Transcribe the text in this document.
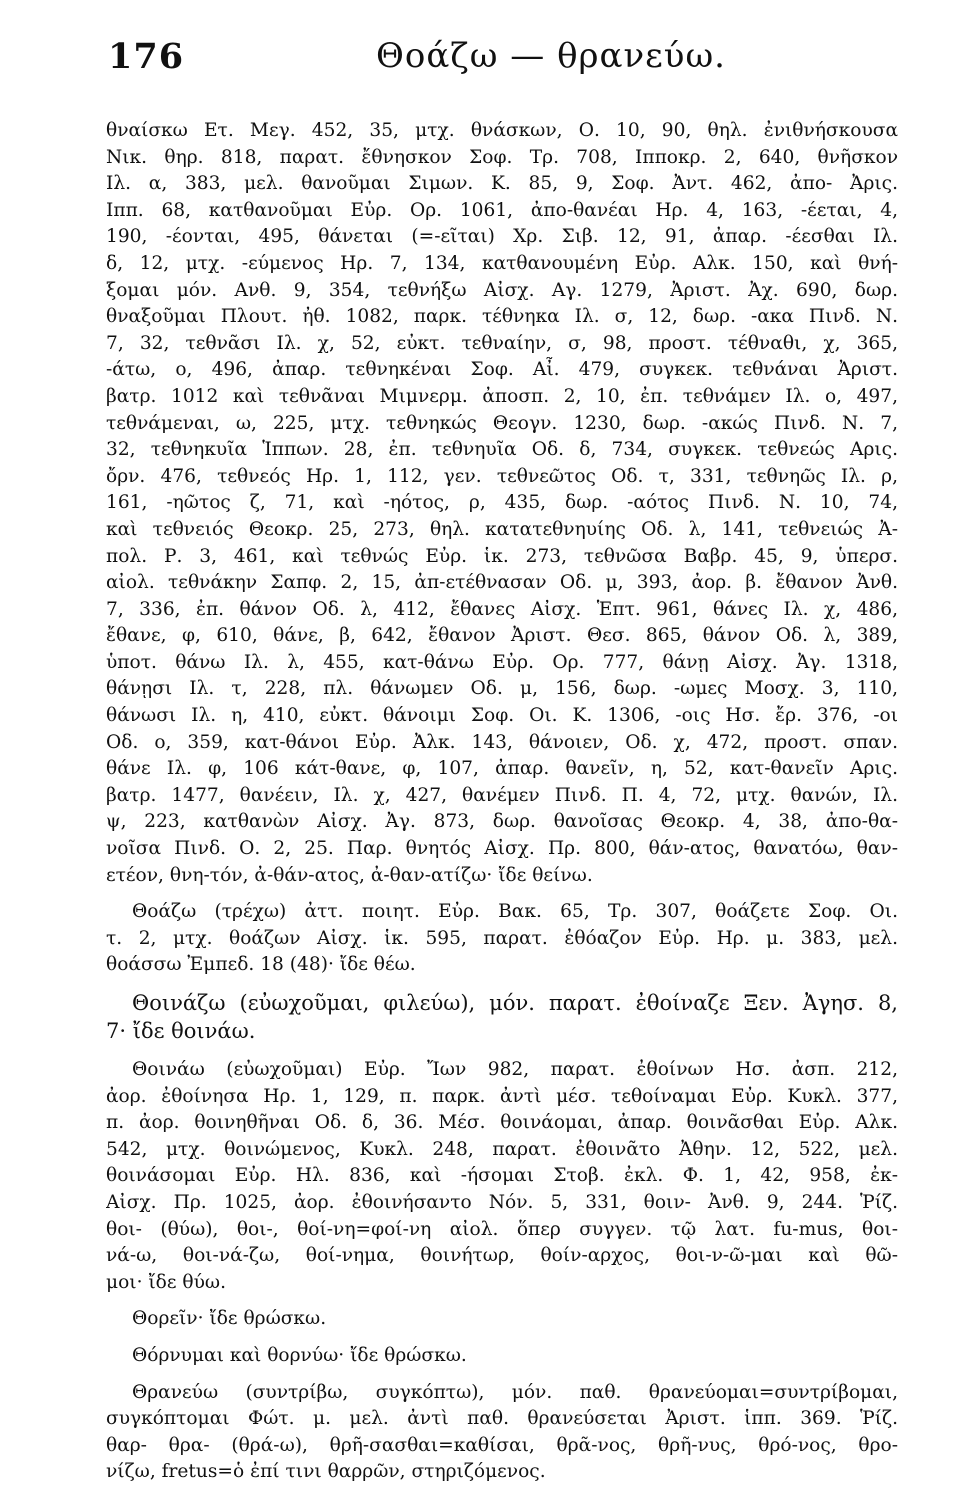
176	Θοάζω — θρανεύω.
θναίσκω Ετ. Μεγ. 452, 35, μτχ. θνάσκων, Ο. 10, 90, θηλ. ἐνιθνήσκουσα
Νικ. θηρ. 818, παρατ. ἔθνησκον Σοφ. Τρ. 708, Ιπποκρ. 2, 640, θνῆσκον
Ιλ. α, 383, μελ. θανοῦμαι Σιμων. Κ. 85, 9, Σοφ. Ἀντ. 462, ἀπο- Ἀρις.
Ιππ. 68, κατθανοῦμαι Εὐρ. Ορ. 1061, ἀπο-θανέαι Ηρ. 4, 163, -έεται, 4,
190, -έονται, 495, θάνεται (=-εῖται) Χρ. Σιβ. 12, 91, ἀπαρ. -έεσθαι Ιλ.
δ, 12, μτχ. -εύμενος Ηρ. 7, 134, κατθανουμένη Εὐρ. Αλκ. 150, καὶ θνή-
ξομαι μόν. Ανθ. 9, 354, τεθνήξω Αἰσχ. Αγ. 1279, Ἀριστ. Ἀχ. 690, δωρ.
θναξοῦμαι Πλουτ. ἠθ. 1082, παρκ. τέθνηκα Ιλ. σ, 12, δωρ. -ακα Πινδ. Ν.
7, 32, τεθνᾶσι Ιλ. χ, 52, εὐκτ. τεθναίην, σ, 98, προστ. τέθναθι, χ, 365,
-άτω, ο, 496, ἀπαρ. τεθνηκέναι Σοφ. Αἶ. 479, συγκεκ. τεθνάναι Ἀριστ.
βατρ. 1012 καὶ τεθνᾶναι Μιμνερμ. ἀποσπ. 2, 10, ἐπ. τεθνάμεν Ιλ. ο, 497,
τεθνάμεναι, ω, 225, μτχ. τεθνηκώς Θεογν. 1230, δωρ. -ακώς Πινδ. Ν. 7,
32, τεθνηκυῖα Ἱππων. 28, ἐπ. τεθνηυῖα Οδ. δ, 734, συγκεκ. τεθνεώς Αρις.
ὄρν. 476, τεθνεός Ηρ. 1, 112, γεν. τεθνεῶτος Οδ. τ, 331, τεθνηῶς Ιλ. ρ,
161, -ηῶτος ζ, 71, καὶ -ηότος, ρ, 435, δωρ. -αότος Πινδ. Ν. 10, 74,
καὶ τεθνειός Θεοκρ. 25, 273, θηλ. κατατεθνηυίης Οδ. λ, 141, τεθνειώς Ἀ-
πολ. Ρ. 3, 461, καὶ τεθνώς Εὐρ. ἱκ. 273, τεθνῶσα Βαβρ. 45, 9, ὑπερσ.
αἰολ. τεθνάκην Σαπφ. 2, 15, ἀπ-ετέθνασαν Οδ. μ, 393, ἀορ. β. ἔθανον Ἀνθ.
7, 336, ἐπ. θάνον Οδ. λ, 412, ἔθανες Αἰσχ. Ἑπτ. 961, θάνες Ιλ. χ, 486,
ἔθανε, φ, 610, θάνε, β, 642, ἔθανον Ἀριστ. Θεσ. 865, θάνον Οδ. λ, 389,
ὑποτ. θάνω Ιλ. λ, 455, κατ-θάνω Εὐρ. Ορ. 777, θάνῃ Αἰσχ. Ἀγ. 1318,
θάνῃσι Ιλ. τ, 228, πλ. θάνωμεν Οδ. μ, 156, δωρ. -ωμες Μοσχ. 3, 110,
θάνωσι Ιλ. η, 410, εὐκτ. θάνοιμι Σοφ. Οι. Κ. 1306, -οις Ησ. ἔρ. 376, -οι
Οδ. ο, 359, κατ-θάνοι Εὐρ. Ἀλκ. 143, θάνοιεν, Οδ. χ, 472, προστ. σπαν.
θάνε Ιλ. φ, 106 κάτ-θανε, φ, 107, ἀπαρ. θανεῖν, η, 52, κατ-θανεῖν Αρις.
βατρ. 1477, θανέειν, Ιλ. χ, 427, θανέμεν Πινδ. Π. 4, 72, μτχ. θανών, Ιλ.
ψ, 223, κατθανὼν Αἰσχ. Ἀγ. 873, δωρ. θανοῖσας Θεοκρ. 4, 38, ἀπο-θα-
νοῖσα Πινδ. Ο. 2, 25. Παρ. θνητός Αἰσχ. Πρ. 800, θάν-ατος, θανατόω, θαν-
ετέον, θνη-τόν, ἀ-θάν-ατος, ἀ-θαν-ατίζω· ἴδε θείνω.
Θοάζω (τρέχω) ἀττ. ποιητ. Εὐρ. Βακ. 65, Τρ. 307, θοάζετε Σοφ. Οι.
τ. 2, μτχ. θοάζων Αἰσχ. ἱκ. 595, παρατ. ἐθόαζον Εὐρ. Ηρ. μ. 383, μελ.
θοάσσω Ἐμπεδ. 18 (48)· ἴδε θέω.
Θοινάζω (εὐωχοῦμαι, φιλεύω), μόν. παρατ. ἐθοίναζε Ξεν. Ἀγησ. 8,
7· ἴδε θοινάω.
Θοινάω (εὐωχοῦμαι) Εὐρ. Ἴων 982, παρατ. ἐθοίνων Ησ. ἀσπ. 212,
ἀορ. ἐθοίνησα Ηρ. 1, 129, π. παρκ. ἀντὶ μέσ. τεθοίναμαι Εὐρ. Κυκλ. 377,
π. ἀορ. θοινηθῆναι Οδ. δ, 36. Μέσ. θοινάομαι, ἀπαρ. θοινᾶσθαι Εὐρ. Αλκ.
542, μτχ. θοινώμενος, Κυκλ. 248, παρατ. ἐθοινᾶτο Ἀθην. 12, 522, μελ.
θοινάσομαι Εὐρ. Ηλ. 836, καὶ -ήσομαι Στοβ. ἐκλ. Φ. 1, 42, 958, ἐκ-
Αἰσχ. Πρ. 1025, ἀορ. ἐθοινήσαντο Νόν. 5, 331, θοιν- Ἀνθ. 9, 244. Ῥίζ.
θοι- (θύω), θοι-, θοί-νη=φοί-νη αἰολ. ὅπερ συγγεν. τῷ λατ. fu-mus, θοι-
νά-ω, θοι-νά-ζω, θοί-νημα, θοινήτωρ, θοίν-αρχος, θοι-ν-ῶ-μαι καὶ θῶ-
μοι· ἴδε θύω.
Θορεῖν· ἴδε θρώσκω.
Θόρνυμαι καὶ θορνύω· ἴδε θρώσκω.
Θρανεύω (συντρίβω, συγκόπτω), μόν. παθ. θρανεύομαι=συντρίβομαι,
συγκόπτομαι Φώτ. μ. μελ. ἀντὶ παθ. θρανεύσεται Ἀριστ. ἱππ. 369. Ῥίζ.
θαρ- θρα- (θρά-ω), θρῆ-σασθαι=καθίσαι, θρᾶ-νος, θρῆ-νυς, θρό-νος, θρο-
νίζω, fretus=ὁ ἐπί τινι θαρρῶν, στηριζόμενος.
